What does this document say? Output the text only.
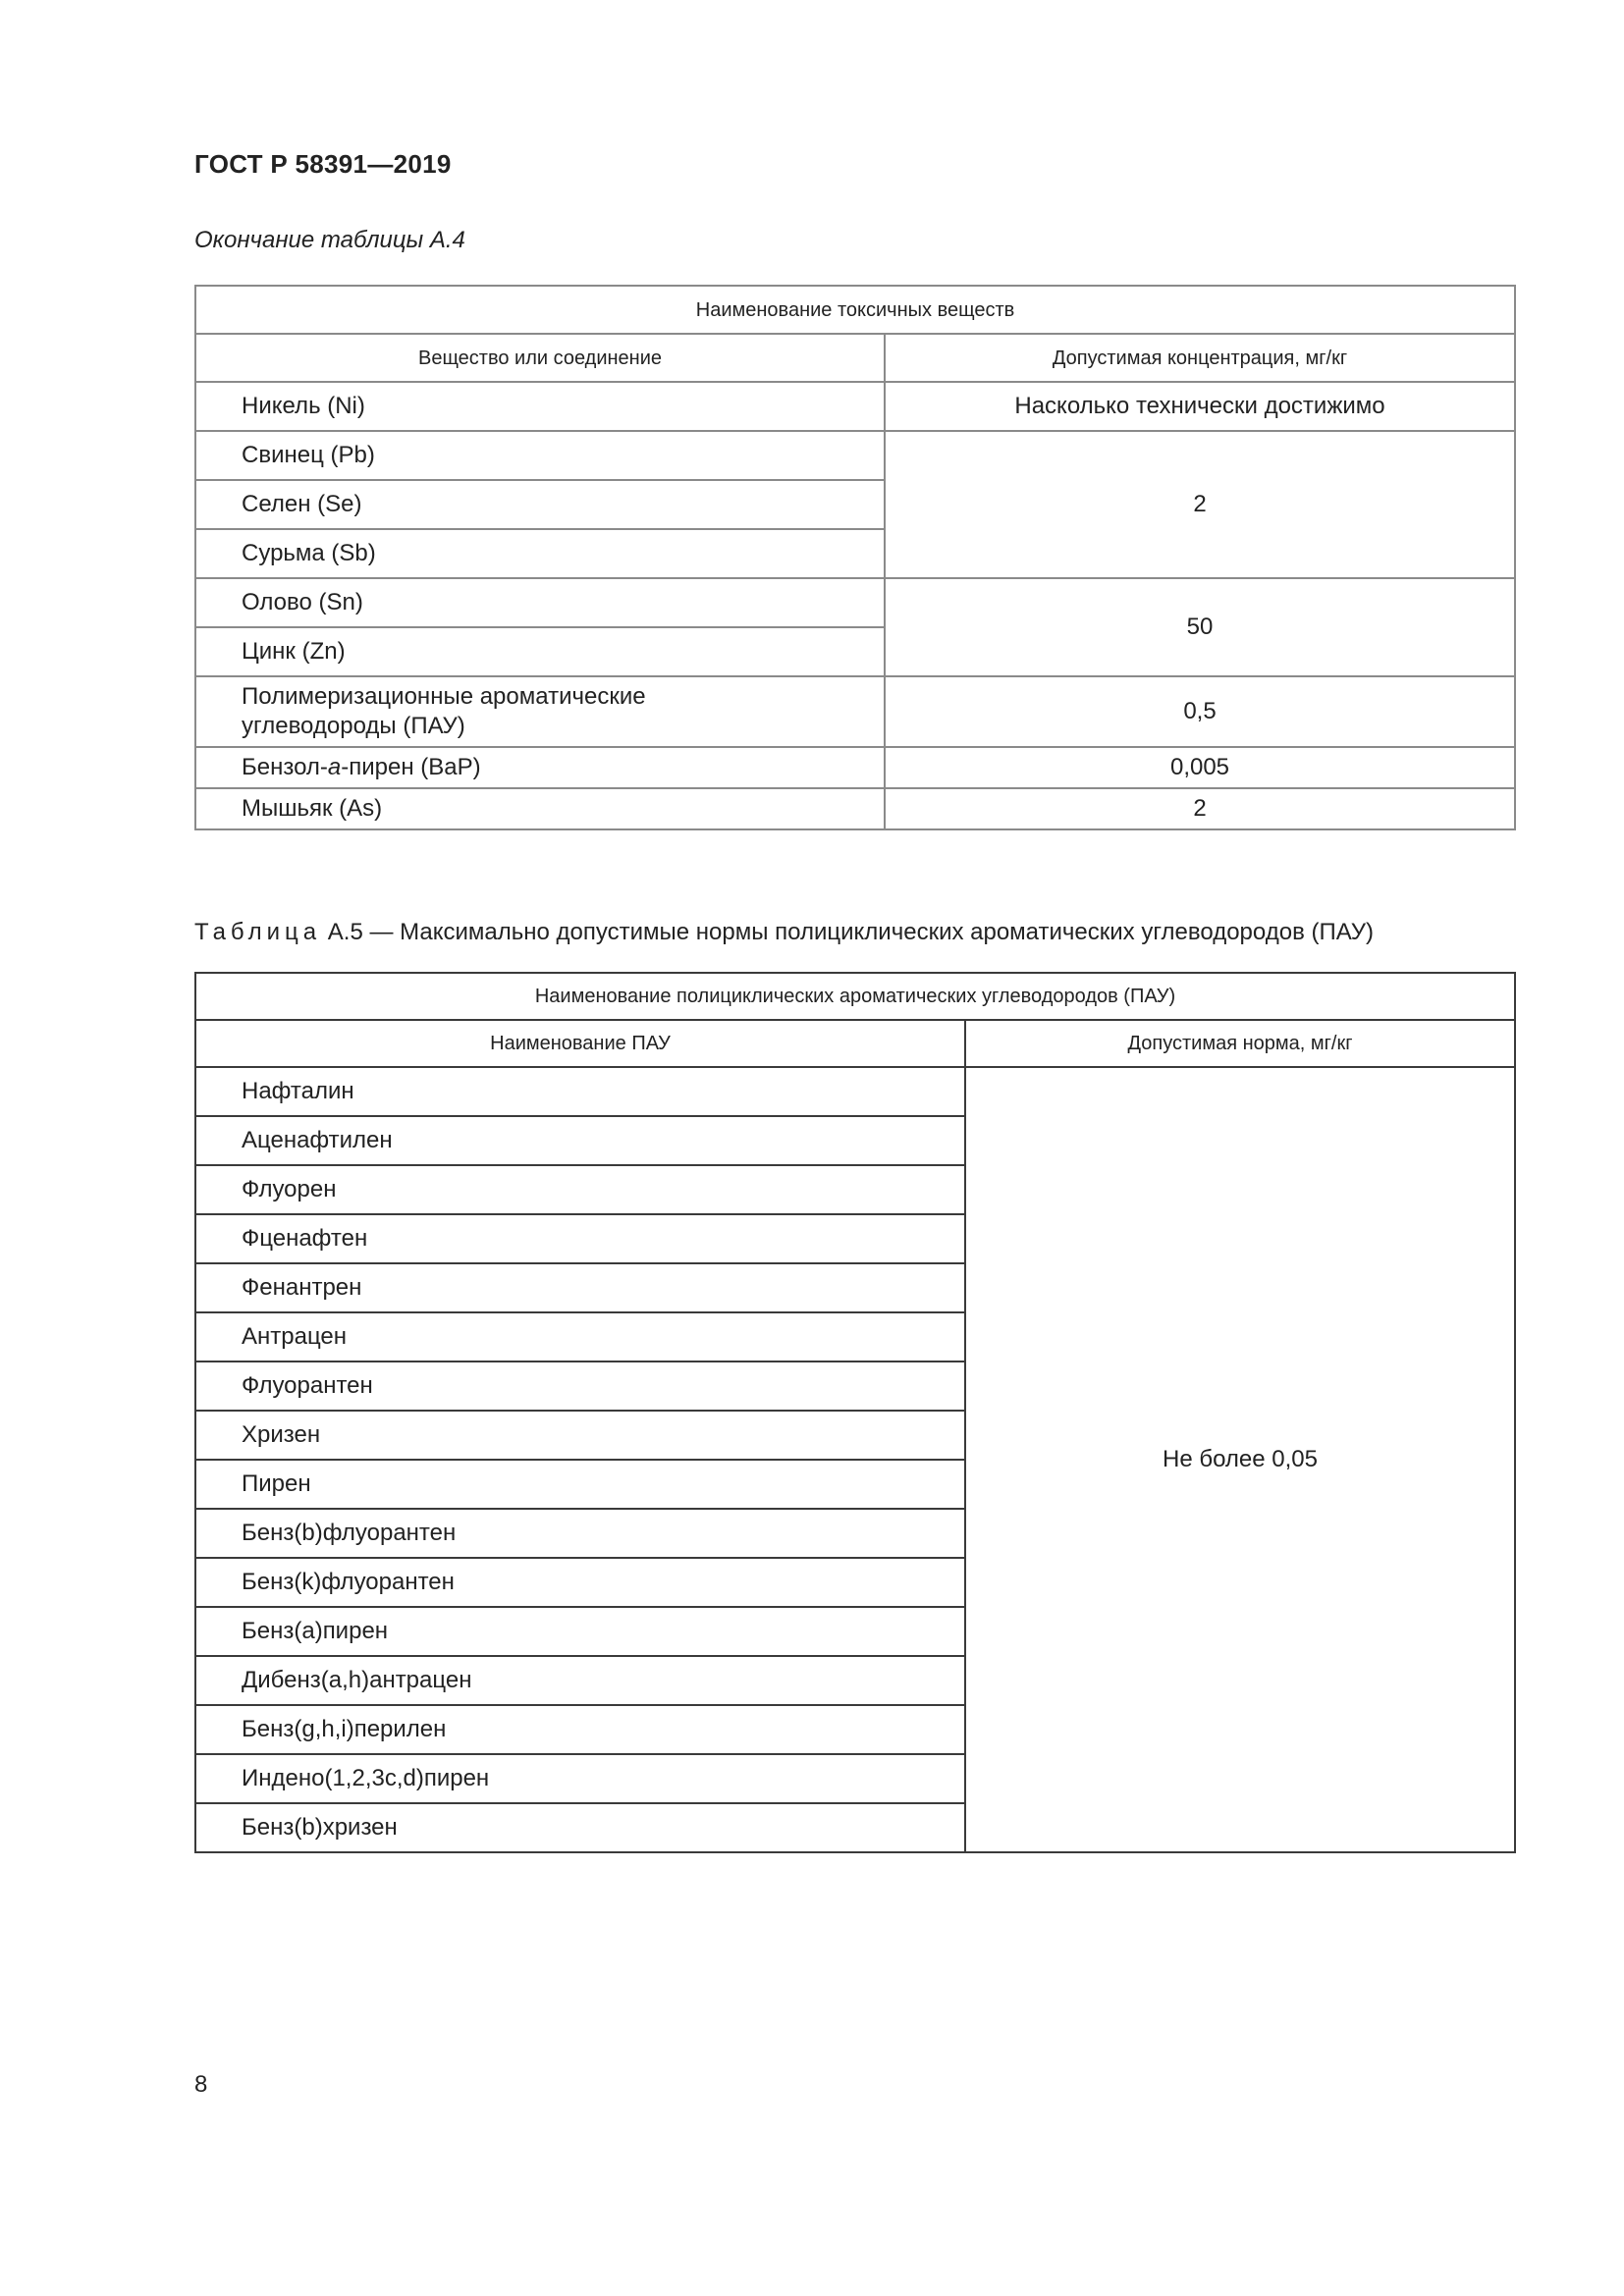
ГОСТ Р 58391—2019
Окончание таблицы А.4
Наименование токсичных веществ	
Вещество или соединение	Допустимая концентрация, мг/кг
Никель (Ni)	Насколько технически достижимо
Свинец (Pb)	2
Селен (Se)	
Сурьма (Sb)	
Олово (Sn)	50
Цинк (Zn)	

Полимеризационные ароматические
углеводороды (ПАУ)	0,5
Бензол-а-пирен (BaP)	0,005
Мышьяк (As)	2
Таблица А.5 — Максимально допустимые нормы полициклических ароматических углеводородов (ПАУ)
Наименование полициклических ароматических углеводородов (ПАУ)	
Наименование ПАУ	Допустимая норма, мг/кг
Нафталин	Не более 0,05
Аценафтилен	
Флуорен	
Фценафтен	
Фенантрен	
Антрацен	
Флуорантен	
Хризен	
Пирен	
Бенз(b)флуорантен	
Бенз(k)флуорантен	
Бенз(a)пирен	
Дибенз(a,h)антрацен	
Бенз(g,h,i)перилен	
Индено(1,2,3c,d)пирен	
Бенз(b)хризен	
8
